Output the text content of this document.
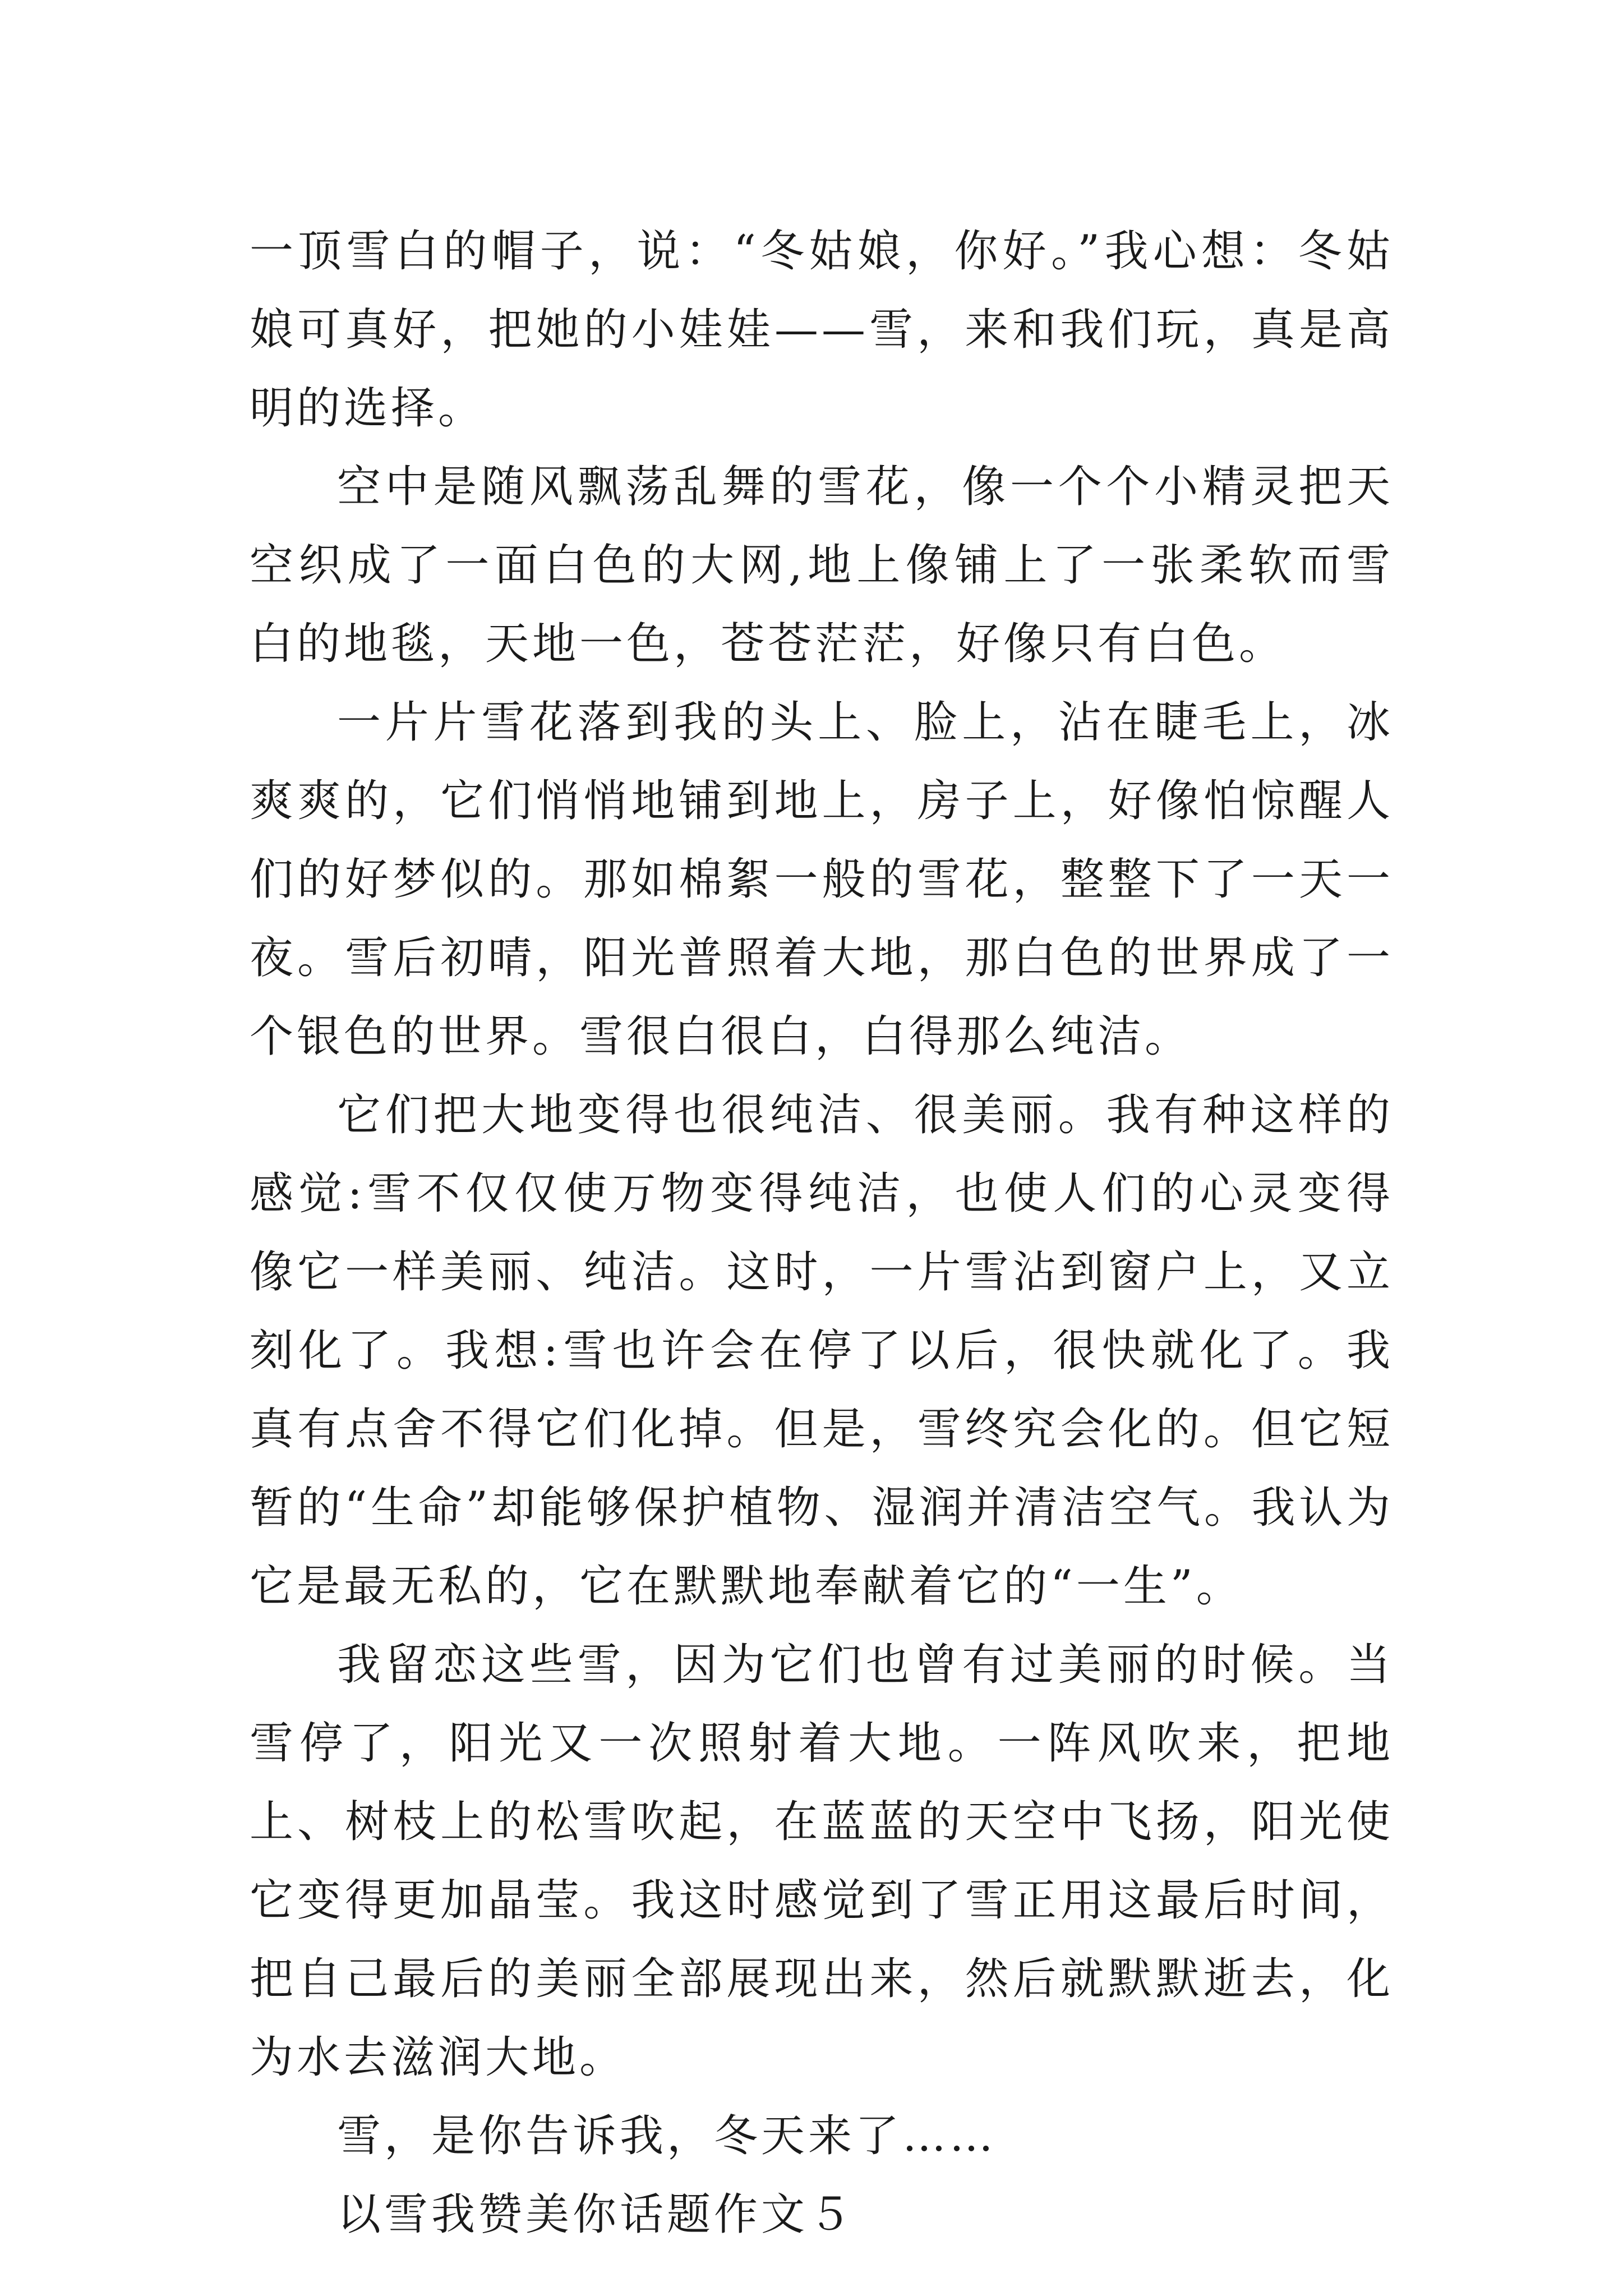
一顶雪白的帽子，说：“冬姑娘，你好。”我心想：冬姑娘可真好，把她的小娃娃——雪，来和我们玩，真是高明的选择。

空中是随风飘荡乱舞的雪花，像一个个小精灵把天空织成了一面白色的大网,地上像铺上了一张柔软而雪白的地毯，天地一色，苍苍茫茫，好像只有白色。

一片片雪花落到我的头上、脸上，沾在睫毛上，冰爽爽的，它们悄悄地铺到地上，房子上，好像怕惊醒人们的好梦似的。那如棉絮一般的雪花，整整下了一天一夜。雪后初晴，阳光普照着大地，那白色的世界成了一个银色的世界。雪很白很白，白得那么纯洁。

它们把大地变得也很纯洁、很美丽。我有种这样的感觉:雪不仅仅使万物变得纯洁，也使人们的心灵变得像它一样美丽、纯洁。这时，一片雪沾到窗户上，又立刻化了。我想:雪也许会在停了以后，很快就化了。我真有点舍不得它们化掉。但是，雪终究会化的。但它短暂的“生命”却能够保护植物、湿润并清洁空气。我认为它是最无私的，它在默默地奉献着它的“一生”。

我留恋这些雪，因为它们也曾有过美丽的时候。当雪停了，阳光又一次照射着大地。一阵风吹来，把地上、树枝上的松雪吹起，在蓝蓝的天空中飞扬，阳光使它变得更加晶莹。我这时感觉到了雪正用这最后时间，把自己最后的美丽全部展现出来，然后就默默逝去，化为水去滋润大地。

雪，是你告诉我，冬天来了……

以雪我赞美你话题作文５
